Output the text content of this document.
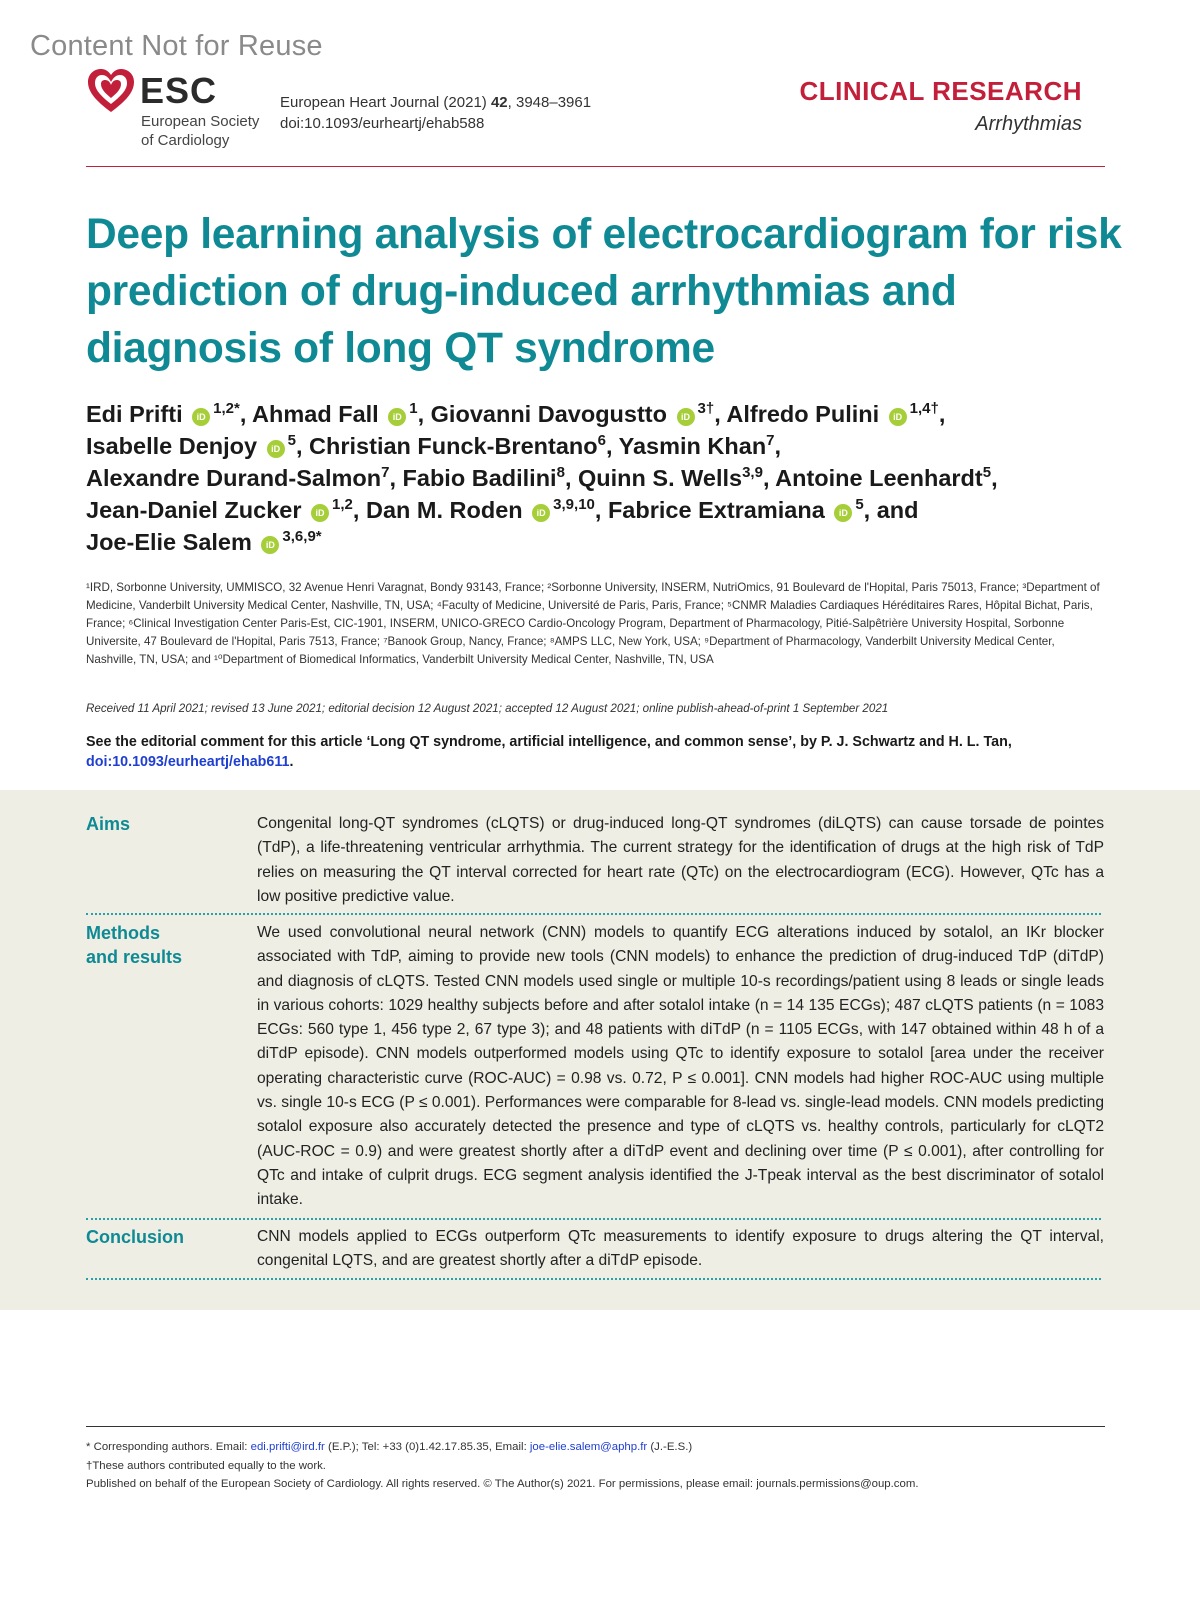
Content Not for Reuse
ESC
European Society
of Cardiology
European Heart Journal (2021) 42, 3948–3961
doi:10.1093/eurheartj/ehab588
CLINICAL RESEARCH
Arrhythmias
Deep learning analysis of electrocardiogram for risk prediction of drug-induced arrhythmias and diagnosis of long QT syndrome
Edi Prifti iD $^{1,2*}$, Ahmad Fall iD $^1$, Giovanni Davogustto iD $^{3\dagger}$, Alfredo Pulini iD $^{1,4\dagger}$,
Isabelle Denjoy iD $^5$, Christian Funck-Brentano$^6$, Yasmin Khan$^7$,
Alexandre Durand-Salmon$^7$, Fabio Badilini$^8$, Quinn S. Wells$^{3,9}$, Antoine Leenhardt$^5$,
Jean-Daniel Zucker iD $^{1,2}$, Dan M. Roden iD $^{3,9,10}$, Fabrice Extramiana iD $^5$, and
Joe-Elie Salem iD $^{3,6,9*}$
¹IRD, Sorbonne University, UMMISCO, 32 Avenue Henri Varagnat, Bondy 93143, France; ²Sorbonne University, INSERM, NutriOmics, 91 Boulevard de l'Hopital, Paris 75013, France; ³Department of Medicine, Vanderbilt University Medical Center, Nashville, TN, USA; ⁴Faculty of Medicine, Université de Paris, Paris, France; ⁵CNMR Maladies Cardiaques Héréditaires Rares, Hôpital Bichat, Paris, France; ⁶Clinical Investigation Center Paris-Est, CIC-1901, INSERM, UNICO-GRECO Cardio-Oncology Program, Department of Pharmacology, Pitié-Salpêtrière University Hospital, Sorbonne Universite, 47 Boulevard de l'Hopital, Paris 7513, France; ⁷Banook Group, Nancy, France; ⁸AMPS LLC, New York, USA; ⁹Department of Pharmacology, Vanderbilt University Medical Center, Nashville, TN, USA; and ¹⁰Department of Biomedical Informatics, Vanderbilt University Medical Center, Nashville, TN, USA
Received 11 April 2021; revised 13 June 2021; editorial decision 12 August 2021; accepted 12 August 2021; online publish-ahead-of-print 1 September 2021
See the editorial comment for this article ‘Long QT syndrome, artificial intelligence, and common sense’, by P. J. Schwartz and H. L. Tan, doi:10.1093/eurheartj/ehab611.
Aims	Congenital long-QT syndromes (cLQTS) or drug-induced long-QT syndromes (diLQTS) can cause torsade de pointes (TdP), a life-threatening ventricular arrhythmia. The current strategy for the identification of drugs at the high risk of TdP relies on measuring the QT interval corrected for heart rate (QTc) on the electrocardiogram (ECG). However, QTc has a low positive predictive value.
Methods
and results
We used convolutional neural network (CNN) models to quantify ECG alterations induced by sotalol, an IKr blocker associated with TdP, aiming to provide new tools (CNN models) to enhance the prediction of drug-induced TdP (diTdP) and diagnosis of cLQTS. Tested CNN models used single or multiple 10-s recordings/patient using 8 leads or single leads in various cohorts: 1029 healthy subjects before and after sotalol intake (n = 14 135 ECGs); 487 cLQTS patients (n = 1083 ECGs: 560 type 1, 456 type 2, 67 type 3); and 48 patients with diTdP (n = 1105 ECGs, with 147 obtained within 48 h of a diTdP episode). CNN models outperformed models using QTc to identify exposure to sotalol [area under the receiver operating characteristic curve (ROC-AUC) = 0.98 vs. 0.72, P ≤ 0.001]. CNN models had higher ROC-AUC using multiple vs. single 10-s ECG (P ≤ 0.001). Performances were comparable for 8-lead vs. single-lead models. CNN models predicting sotalol exposure also accurately detected the presence and type of cLQTS vs. healthy controls, particularly for cLQT2 (AUC-ROC = 0.9) and were greatest shortly after a diTdP event and declining over time (P ≤ 0.001), after controlling for QTc and intake of culprit drugs. ECG segment analysis identified the J-Tpeak interval as the best discriminator of sotalol intake.
Conclusion	CNN models applied to ECGs outperform QTc measurements to identify exposure to drugs altering the QT interval, congenital LQTS, and are greatest shortly after a diTdP episode.
* Corresponding authors. Email: edi.prifti@ird.fr (E.P.); Tel: +33 (0)1.42.17.85.35, Email: joe-elie.salem@aphp.fr (J.-E.S.)
†These authors contributed equally to the work.
Published on behalf of the European Society of Cardiology. All rights reserved. © The Author(s) 2021. For permissions, please email: journals.permissions@oup.com.
